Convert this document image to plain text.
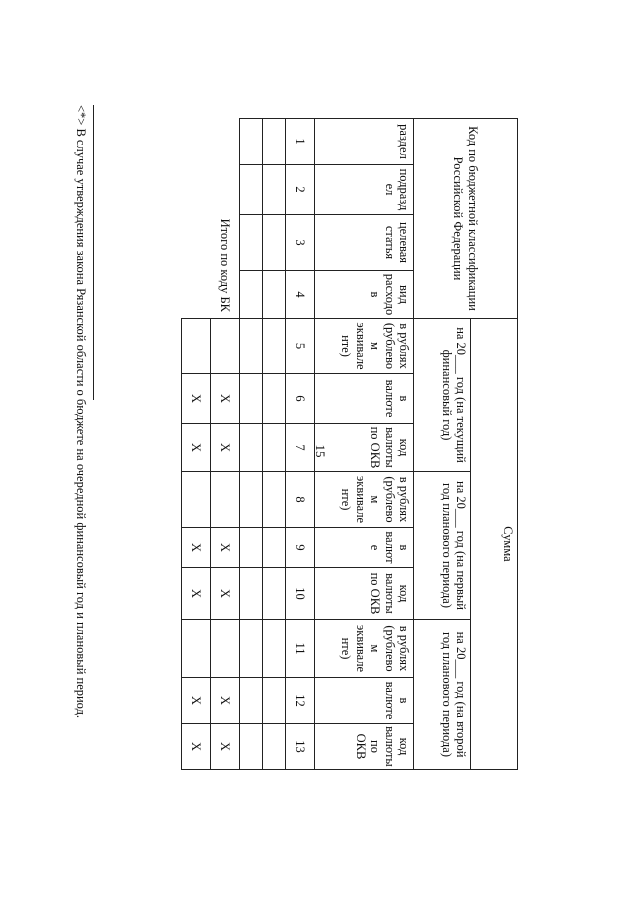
15
Код по бюджетной классификации Российской Федерации				Сумма								
				на 20___ год (на текущий финансовый год)			на 20___ год (на первый год планового периода)			на 20___ год (на второй год планового периода)		
раздел	подраздел	целевая статья	вид расходов	в рублях (рублевом эквиваленте)	в валюте	код валюты по ОКВ	в рублях (рублевом эквиваленте)	в валюте	код валюты по ОКВ	в рублях (рублевом эквиваленте)	в валюте	код валюты по ОКВ
1	2	3	4	5	6	7	8	9	10	11	12	13

Итого по коду БК					X	X		X	X		X	X
					X	X		X	X		X	X
<*> В случае утверждения закона Рязанской области о бюджете на очередной финансовый год и плановый период.
